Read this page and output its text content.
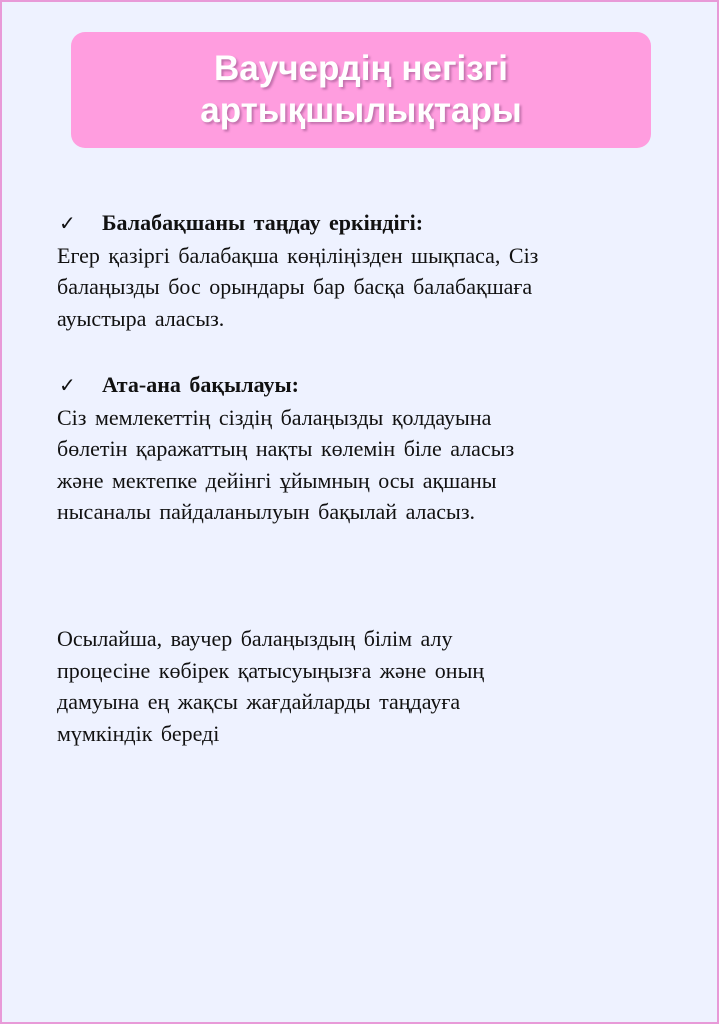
Ваучердің негізгі
артықшылықтары
✓	Балабақшаны таңдау еркіндігі:
Егер қазіргі балабақша көңіліңізден шықпаса, Сіз
балаңызды бос орындары бар басқа балабақшаға
ауыстыра аласыз.
✓	Ата-ана бақылауы:
Сіз мемлекеттің сіздің балаңызды қолдауына
бөлетін қаражаттың нақты көлемін біле аласыз
және мектепке дейінгі ұйымның осы ақшаны
нысаналы пайдаланылуын бақылай аласыз.
Осылайша, ваучер балаңыздың білім алу
процесіне көбірек қатысуыңызға және оның
дамуына ең жақсы жағдайларды таңдауға
мүмкіндік береді
